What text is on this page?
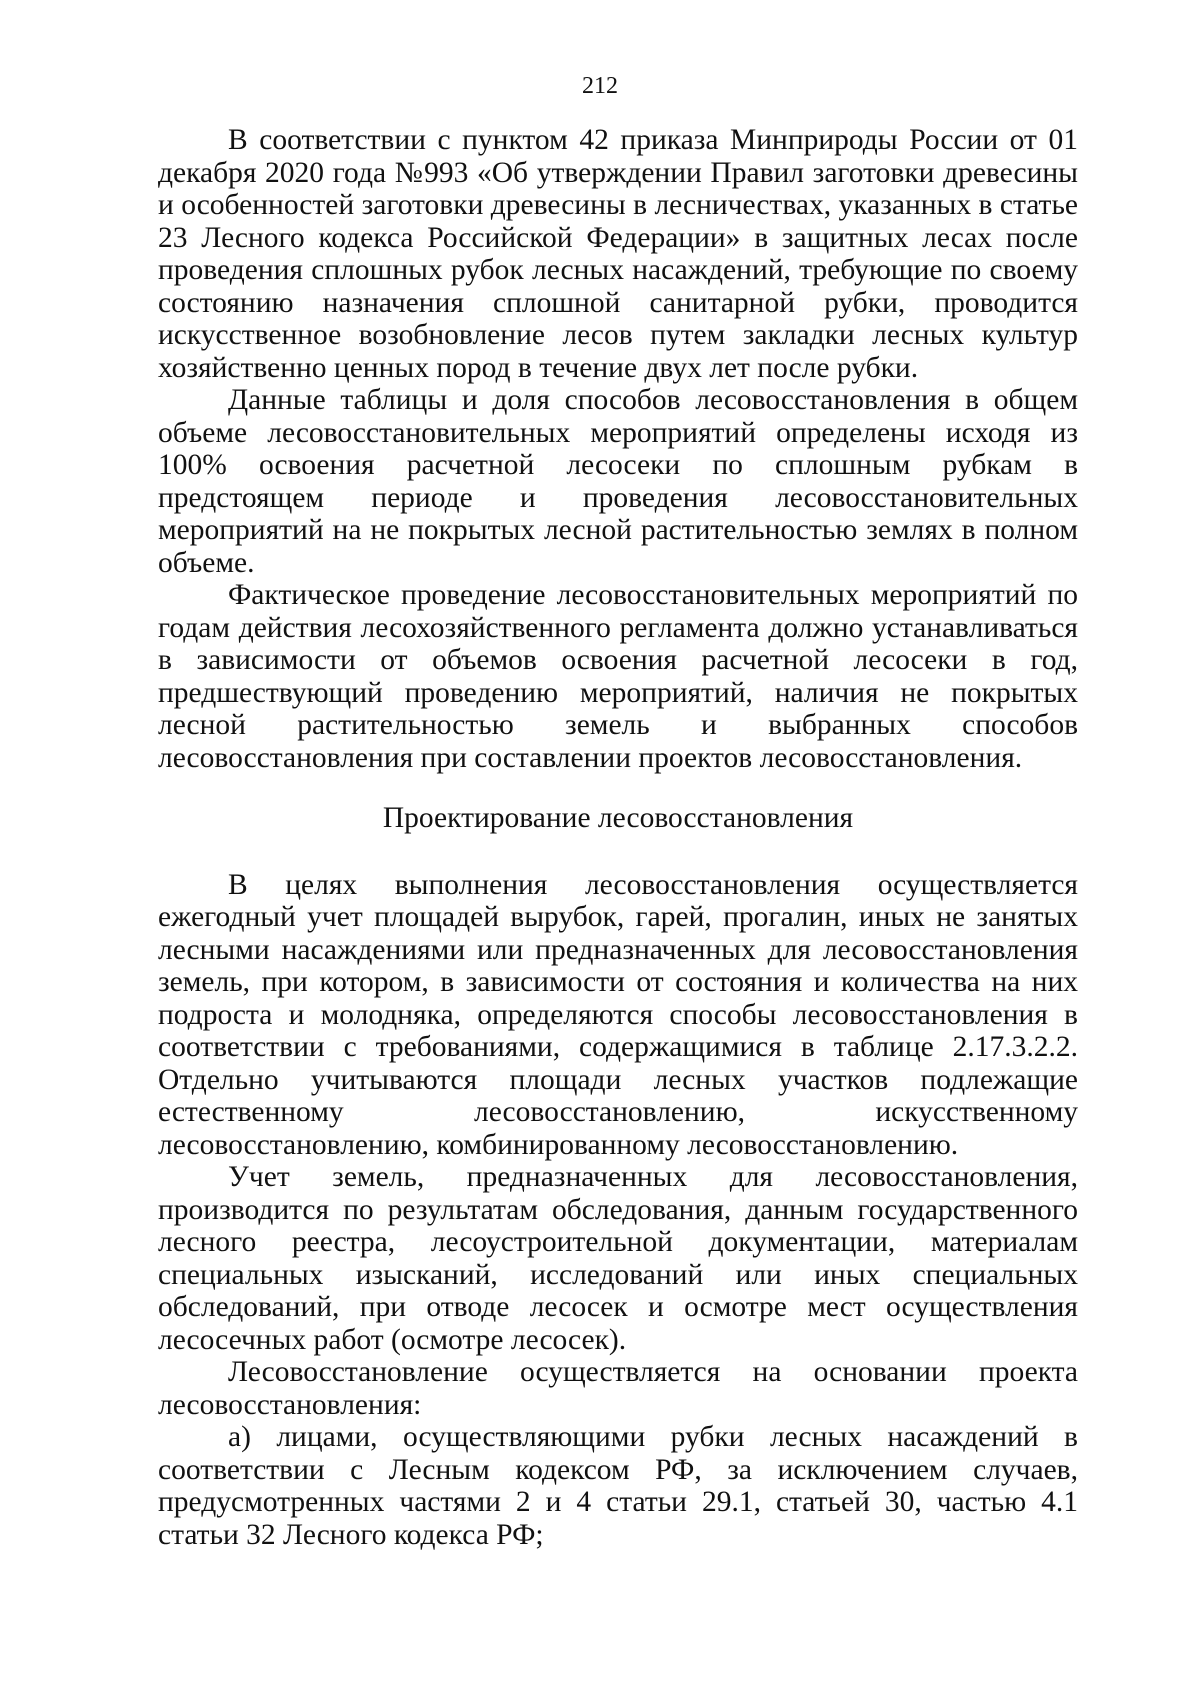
212

В соответствии с пунктом 42 приказа Минприроды России от 01 декабря 2020 года №993 «Об утверждении Правил заготовки древесины и особенностей заготовки древесины в лесничествах, указанных в статье 23 Лесного кодекса Российской Федерации» в защитных лесах после проведения сплошных рубок лесных насаждений, требующие по своему состоянию назначения сплошной санитарной рубки, проводится искусственное возобновление лесов путем закладки лесных культур хозяйственно ценных пород в течение двух лет после рубки.

Данные таблицы и доля способов лесовосстановления в общем объеме лесовосстановительных мероприятий определены исходя из 100% освоения расчетной лесосеки по сплошным рубкам в предстоящем периоде и проведения лесовосстановительных мероприятий на не покрытых лесной растительностью землях в полном объеме.

Фактическое проведение лесовосстановительных мероприятий по годам действия лесохозяйственного регламента должно устанавливаться в зависимости от объемов освоения расчетной лесосеки в год, предшествующий проведению мероприятий, наличия не покрытых лесной растительностью земель и выбранных способов лесовосстановления при составлении проектов лесовосстановления.

Проектирование лесовосстановления

В целях выполнения лесовосстановления осуществляется ежегодный учет площадей вырубок, гарей, прогалин, иных не занятых лесными насаждениями или предназначенных для лесовосстановления земель, при котором, в зависимости от состояния и количества на них подроста и молодняка, определяются способы лесовосстановления в соответствии с требованиями, содержащимися в таблице 2.17.3.2.2. Отдельно учитываются площади лесных участков подлежащие естественному лесовосстановлению, искусственному лесовосстановлению, комбинированному лесовосстановлению.

Учет земель, предназначенных для лесовосстановления, производится по результатам обследования, данным государственного лесного реестра, лесоустроительной документации, материалам специальных изысканий, исследований или иных специальных обследований, при отводе лесосек и осмотре мест осуществления лесосечных работ (осмотре лесосек).

Лесовосстановление осуществляется на основании проекта лесовосстановления:

а) лицами, осуществляющими рубки лесных насаждений в соответствии с Лесным кодексом РФ, за исключением случаев, предусмотренных частями 2 и 4 статьи 29.1, статьей 30, частью 4.1 статьи 32 Лесного кодекса РФ;
